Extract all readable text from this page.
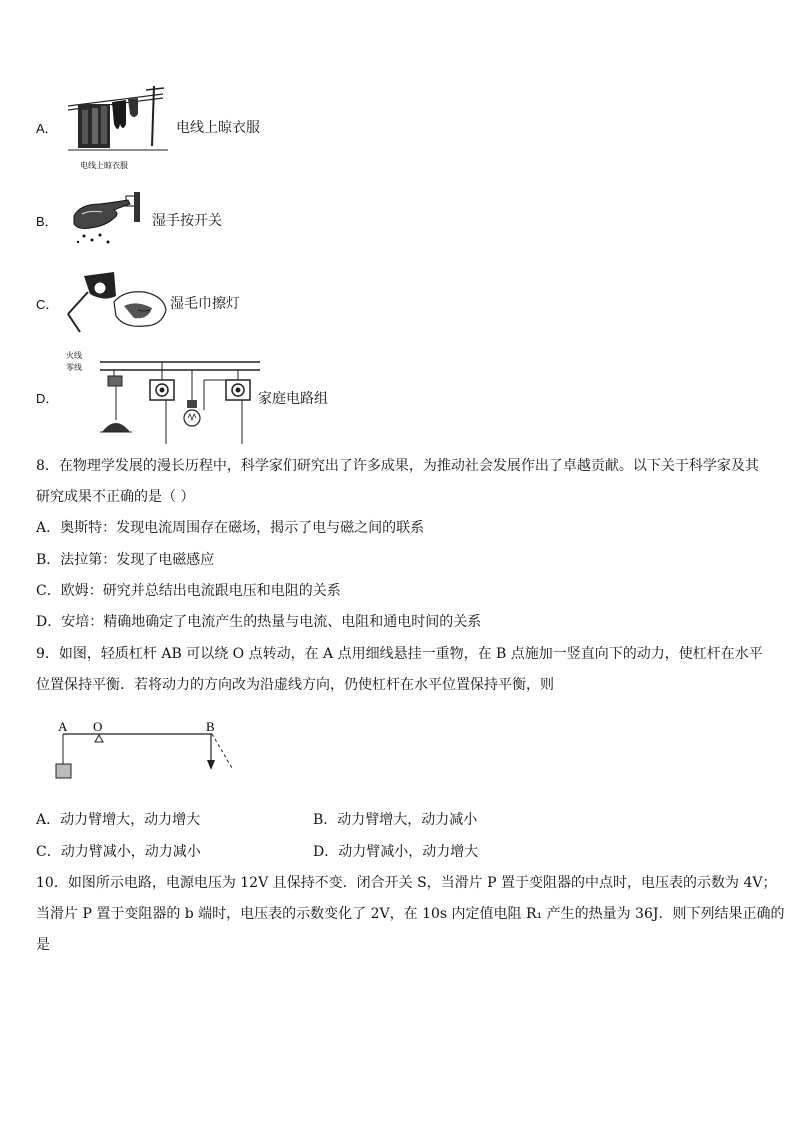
A．
电线上晾衣服
电线上晾衣服
B．	湿手按开关
C．	湿毛巾擦灯
D．
火线
零线
家庭电路组
8．在物理学发展的漫长历程中，科学家们研究出了许多成果，为推动社会发展作出了卓越贡献。以下关于科学家及其
研究成果不正确的是（ ）
A．奥斯特：发现电流周围存在磁场，揭示了电与磁之间的联系
B．法拉第：发现了电磁感应
C．欧姆：研究并总结出电流跟电压和电阻的关系
D．安培：精确地确定了电流产生的热量与电流、电阻和通电时间的关系
9．如图，轻质杠杆 AB 可以绕 O 点转动，在 A 点用细线悬挂一重物，在 B 点施加一竖直向下的动力，使杠杆在水平
位置保持平衡．若将动力的方向改为沿虚线方向，仍使杠杆在水平位置保持平衡，则
A O	B
A．动力臂增大，动力增大	B．动力臂增大，动力减小
C．动力臂减小，动力减小	D．动力臂减小，动力增大
10．如图所示电路，电源电压为 12V 且保持不变．闭合开关 S，当滑片 P 置于变阻器的中点时，电压表的示数为 4V；
当滑片 P 置于变阻器的 b 端时，电压表的示数变化了 2V，在 10s 内定值电阻 R₁ 产生的热量为 36J．则下列结果正确的
是
